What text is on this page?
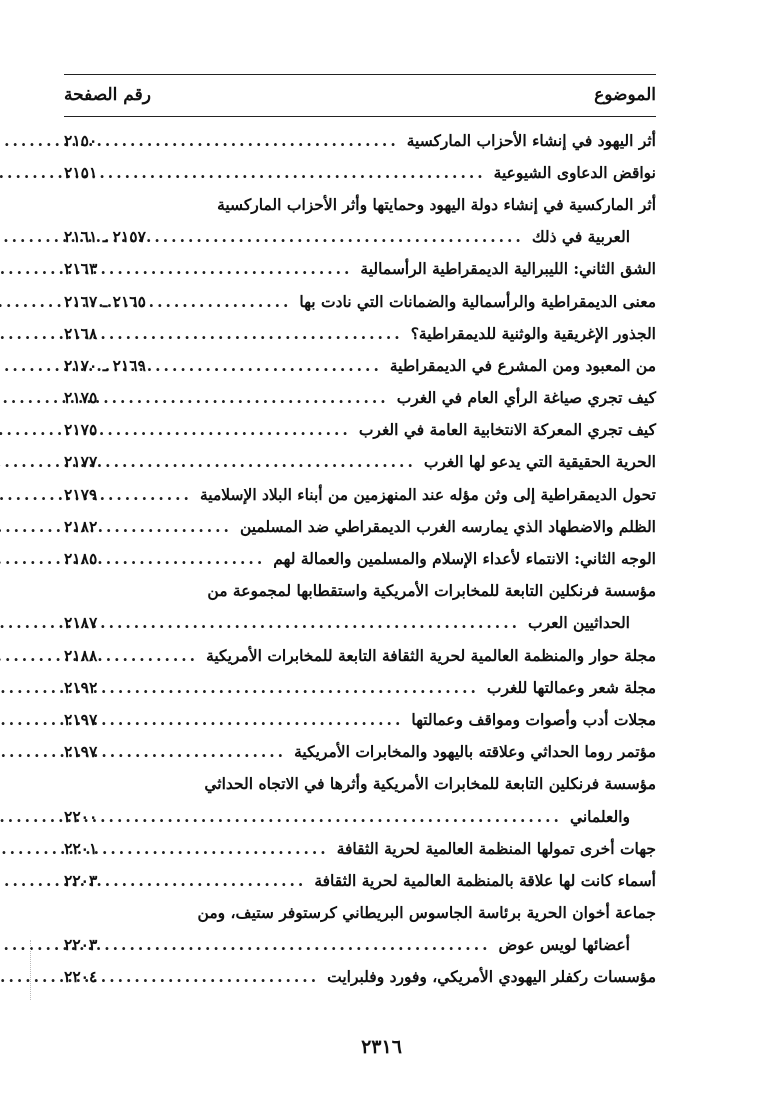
الموضوع
رقم الصفحة
أثر اليهود في إنشاء الأحزاب الماركسية
.....
٢١٥٠
نواقض الدعاوى الشيوعية
.....
٢١٥١
أثر الماركسية في إنشاء دولة اليهود وحمايتها وأثر الأحزاب الماركسية
العربية في ذلك
.....
٢١٥٧ ـ ٢١٦١
الشق الثاني: الليبرالية الديمقراطية الرأسمالية
.....
٢١٦٣
معنى الديمقراطية والرأسمالية والضمانات التي نادت بها
.....
٢١٦٥ ـ ٢١٦٧
الجذور الإغريقية والوثنية للديمقراطية؟
.....
٢١٦٨
من المعبود ومن المشرع في الديمقراطية
.....
٢١٦٩ ـ ٢١٧٠
كيف تجري صياغة الرأي العام في الغرب
.....
٢١٧٥
كيف تجري المعركة الانتخابية العامة في الغرب
.....
٢١٧٥
الحرية الحقيقية التي يدعو لها الغرب
.....
٢١٧٧
تحول الديمقراطية إلى وثن مؤله عند المنهزمين من أبناء البلاد الإسلامية
.....
٢١٧٩
الظلم والاضطهاد الذي يمارسه الغرب الديمقراطي ضد المسلمين
.....
٢١٨٢
الوجه الثاني: الانتماء لأعداء الإسلام والمسلمين والعمالة لهم
.....
٢١٨٥
مؤسسة فرنكلين التابعة للمخابرات الأمريكية واستقطابها لمجموعة من
الحداثيين العرب
.....
٢١٨٧
مجلة حوار والمنظمة العالمية لحرية الثقافة التابعة للمخابرات الأمريكية
.....
٢١٨٨
مجلة شعر وعمالتها للغرب
.....
٢١٩٢
مجلات أدب وأصوات ومواقف وعمالتها
.....
٢١٩٧
مؤتمر روما الحداثي وعلاقته باليهود والمخابرات الأمريكية
.....
٢١٩٧
مؤسسة فرنكلين التابعة للمخابرات الأمريكية وأثرها في الاتجاه الحداثي
والعلماني
.....
٢٢٠٠
جهات أخرى تمولها المنظمة العالمية لحرية الثقافة
.....
٢٢٠١
أسماء كانت لها علاقة بالمنظمة العالمية لحرية الثقافة
.....
٢٢٠٣
جماعة أخوان الحرية برئاسة الجاسوس البريطاني كرستوفر ستيف، ومن
أعضائها لويس عوض
.....
٢٢٠٣
مؤسسات ركفلر اليهودي الأمريكي، وفورد وفلبرايت
.....
٢٢٠٤
٢٣١٦
